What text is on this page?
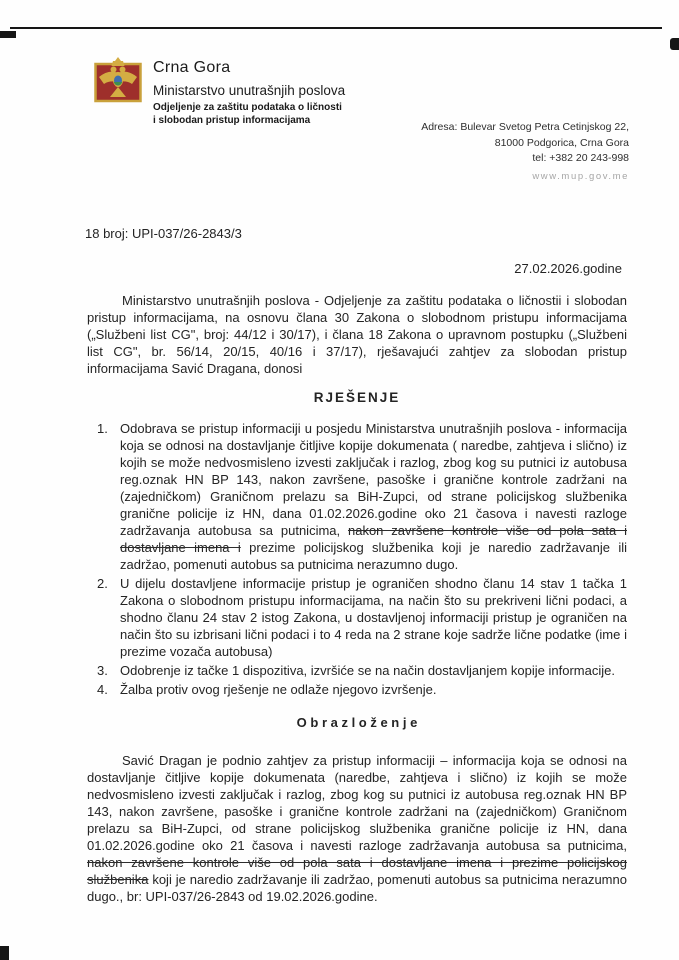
Crna Gora
Ministarstvo unutrašnjih poslova
Odjeljenje za zaštitu podataka o ličnosti
i slobodan pristup informacijama
Adresa: Bulevar Svetog Petra Cetinjskog 22,
81000 Podgorica, Crna Gora
tel: +382 20 243-998
www.mup.gov.me
18 broj: UPI-037/26-2843/3
27.02.2026.godine

Ministarstvo unutrašnjih poslova - Odjeljenje za zaštitu podataka o ličnostii i slobodan pristup informacijama, na osnovu člana 30 Zakona o slobodnom pristupu informacijama („Službeni list CG", broj: 44/12 i 30/17), i člana 18 Zakona o upravnom postupku („Službeni list CG", br. 56/14, 20/15, 40/16 i 37/17), rješavajući zahtjev za slobodan pristup informacijama Savić Dragana, donosi

RJEŠENJE
1. Odobrava se pristup informaciji u posjedu Ministarstva unutrašnjih poslova - informacija koja se odnosi na dostavljanje čitljive kopije dokumenata ( naredbe, zahtjeva i slično) iz kojih se može nedvosmisleno izvesti zaključak i razlog, zbog kog su putnici iz autobusa reg.oznak HN BP 143, nakon završene, pasoške i granične kontrole zadržani na (zajedničkom) Graničnom prelazu sa BiH-Zupci, od strane policijskog službenika granične policije iz HN, dana 01.02.2026.godine oko 21 časova i navesti razloge zadržavanja autobusa sa putnicima, nakon završene kontrole više od pola sata i dostavljane imena i prezime policijskog službenika koji je naredio zadržavanje ili zadržao, pomenuti autobus sa putnicima nerazumno dugo.
2. U dijelu dostavljene informacije pristup je ograničen shodno članu 14 stav 1 tačka 1 Zakona o slobodnom pristupu informacijama, na način što su prekriveni lični podaci, a shodno članu 24 stav 2 istog Zakona, u dostavljenoj informaciji pristup je ograničen na način što su izbrisani lični podaci i to 4 reda na 2 strane koje sadrže lične podatke (ime i prezime vozača autobusa)
3. Odobrenje iz tačke 1 dispozitiva, izvršiće se na način dostavljanjem kopije informacije.
4. Žalba protiv ovog rješenje ne odlaže njegovo izvršenje.
O b r a z l o ž e n j e

Savić Dragan je podnio zahtjev za pristup informaciji – informacija koja se odnosi na dostavljanje čitljive kopije dokumenata (naredbe, zahtjeva i slično) iz kojih se može nedvosmisleno izvesti zaključak i razlog, zbog kog su putnici iz autobusa reg.oznak HN BP 143, nakon završene, pasoške i granične kontrole zadržani na (zajedničkom) Graničnom prelazu sa BiH-Zupci, od strane policijskog službenika granične policije iz HN, dana 01.02.2026.godine oko 21 časova i navesti razloge zadržavanja autobusa sa putnicima, nakon završene kontrole više od pola sata i dostavljane imena i prezime policijskog službenika koji je naredio zadržavanje ili zadržao, pomenuti autobus sa putnicima nerazumno dugo., br: UPI-037/26-2843 od 19.02.2026.godine.
